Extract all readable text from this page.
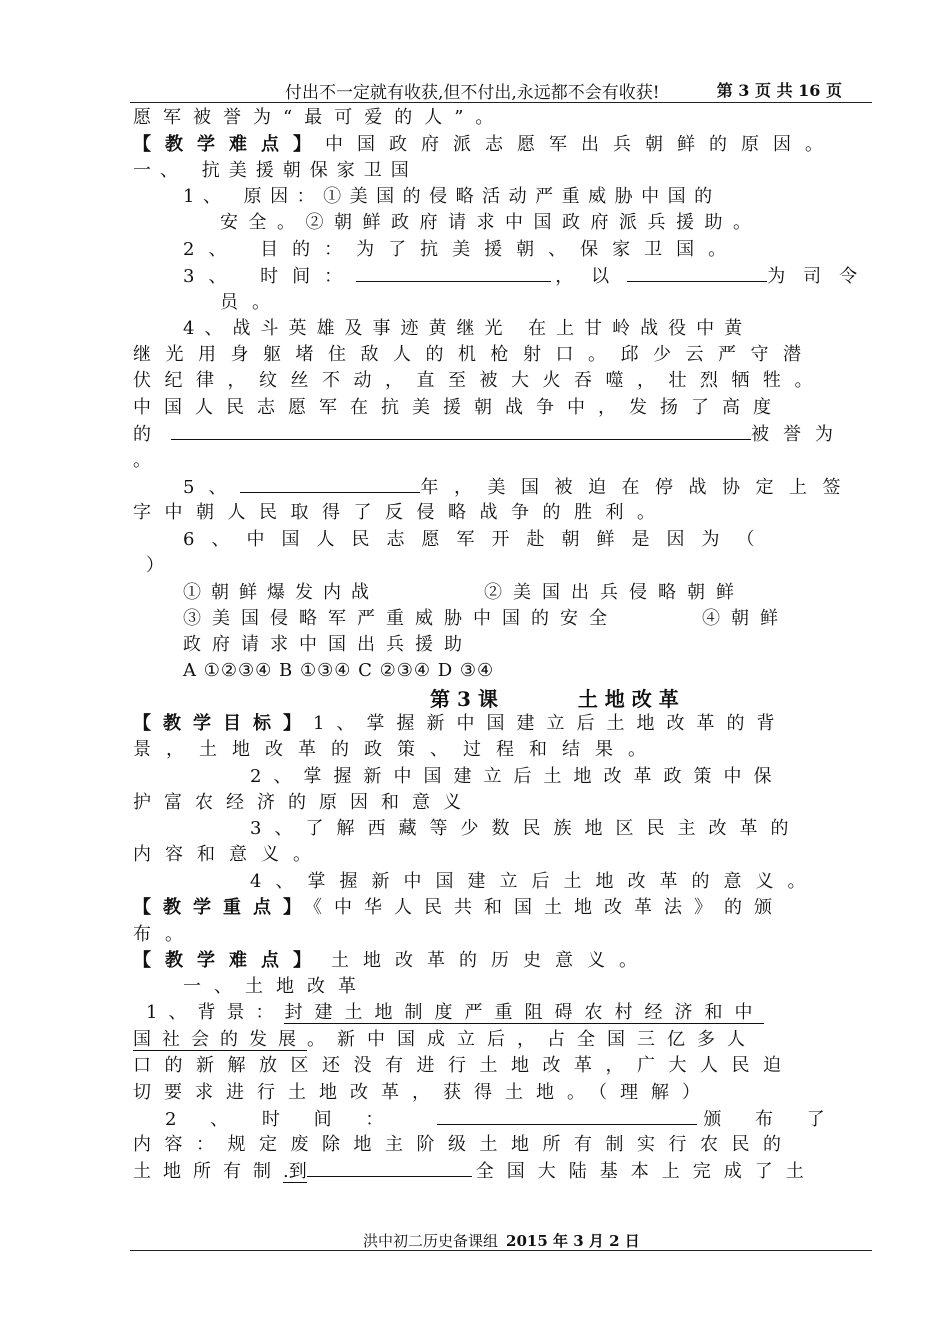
付出不一定就有收获,但不付出,永远都不会有收获!	第 3 页 共 16 页
愿军被誉为“最可爱的人”。
【教学难点】中国政府派志愿军出兵朝鲜的原因。
一、 抗美援朝保家卫国
1、 原因：①美国的侵略活动严重威胁中国的
安全。②朝鲜政府请求中国政府派兵援助。
2、 目的：为了抗美援朝、保家卫国。
3、 时间：	，以	为司令
员。
4、战斗英雄及事迹黄继光 在上甘岭战役中黄
继光用身躯堵住敌人的机枪射口。邱少云严守潜
伏纪律，纹丝不动，直至被大火吞噬，壮烈牺牲。
中国人民志愿军在抗美援朝战争中，发扬了高度
的	被誉为
。
5、	年，美国被迫在停战协定上签
字中朝人民取得了反侵略战争的胜利。
6、中国人民志愿军开赴朝鲜是因为（
）
①朝鲜爆发内战	②美国出兵侵略朝鲜
③美国侵略军严重威胁中国的安全	④朝鲜
政府请求中国出兵援助
A ①②③④ B ①③④ C ②③④ D ③④
第 3 课	土 地 改 革
【教学目标】1、掌握新中国建立后土地改革的背
景，土地改革的政策、过程和结果。
2、掌握新中国建立后土地改革政策中保
护富农经济的原因和意义
3、了解西藏等少数民族地区民主改革的
内容和意义。
4、掌握新中国建立后土地改革的意义。
【教学重点】《中华人民共和国土地改革法》的颁
布。
【教学难点】 土地改革的历史意义。
一、土地改革
1、背景：封建土地制度严重阻碍农村经济和中
国社会的发展。新中国成立后，占全国三亿多人
口的新解放区还没有进行土地改革，广大人民迫
切要求进行土地改革，获得土地。（理解）
2 、 时 间 ：	颁 布 了
内容：规定废除地主阶级土地所有制实行农民的
土地所有制.到	全国大陆基本上完成了土
洪中初二历史备课组 2015 年 3 月 2 日
